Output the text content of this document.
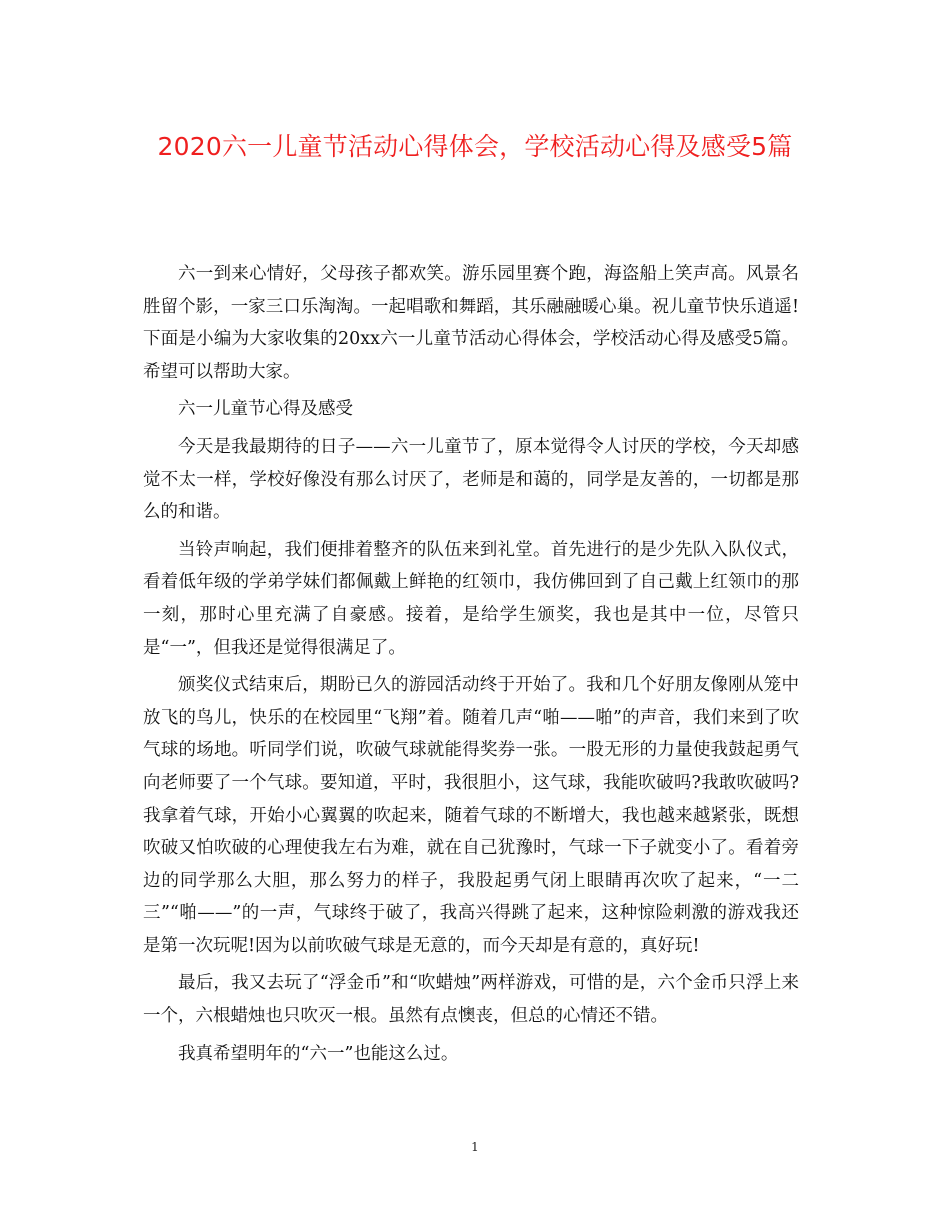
2020六一儿童节活动心得体会，学校活动心得及感受5篇

六一到来心情好，父母孩子都欢笑。游乐园里赛个跑，海盗船上笑声高。风景名胜留个影，一家三口乐淘淘。一起唱歌和舞蹈，其乐融融暖心巢。祝儿童节快乐逍遥!下面是小编为大家收集的20xx六一儿童节活动心得体会，学校活动心得及感受5篇。希望可以帮助大家。

六一儿童节心得及感受

今天是我最期待的日子——六一儿童节了，原本觉得令人讨厌的学校，今天却感觉不太一样，学校好像没有那么讨厌了，老师是和蔼的，同学是友善的，一切都是那么的和谐。

当铃声响起，我们便排着整齐的队伍来到礼堂。首先进行的是少先队入队仪式，看着低年级的学弟学妹们都佩戴上鲜艳的红领巾，我仿佛回到了自己戴上红领巾的那一刻，那时心里充满了自豪感。接着，是给学生颁奖，我也是其中一位，尽管只是“一”，但我还是觉得很满足了。

颁奖仪式结束后，期盼已久的游园活动终于开始了。我和几个好朋友像刚从笼中放飞的鸟儿，快乐的在校园里“飞翔”着。随着几声“啪——啪”的声音，我们来到了吹气球的场地。听同学们说，吹破气球就能得奖券一张。一股无形的力量使我鼓起勇气向老师要了一个气球。要知道，平时，我很胆小，这气球，我能吹破吗?我敢吹破吗?我拿着气球，开始小心翼翼的吹起来，随着气球的不断增大，我也越来越紧张，既想吹破又怕吹破的心理使我左右为难，就在自己犹豫时，气球一下子就变小了。看着旁边的同学那么大胆，那么努力的样子，我股起勇气闭上眼睛再次吹了起来，“一二三”“啪——”的一声，气球终于破了，我高兴得跳了起来，这种惊险刺激的游戏我还是第一次玩呢!因为以前吹破气球是无意的，而今天却是有意的，真好玩!

最后，我又去玩了“浮金币”和“吹蜡烛”两样游戏，可惜的是，六个金币只浮上来一个，六根蜡烛也只吹灭一根。虽然有点懊丧，但总的心情还不错。

我真希望明年的“六一”也能这么过。

1
